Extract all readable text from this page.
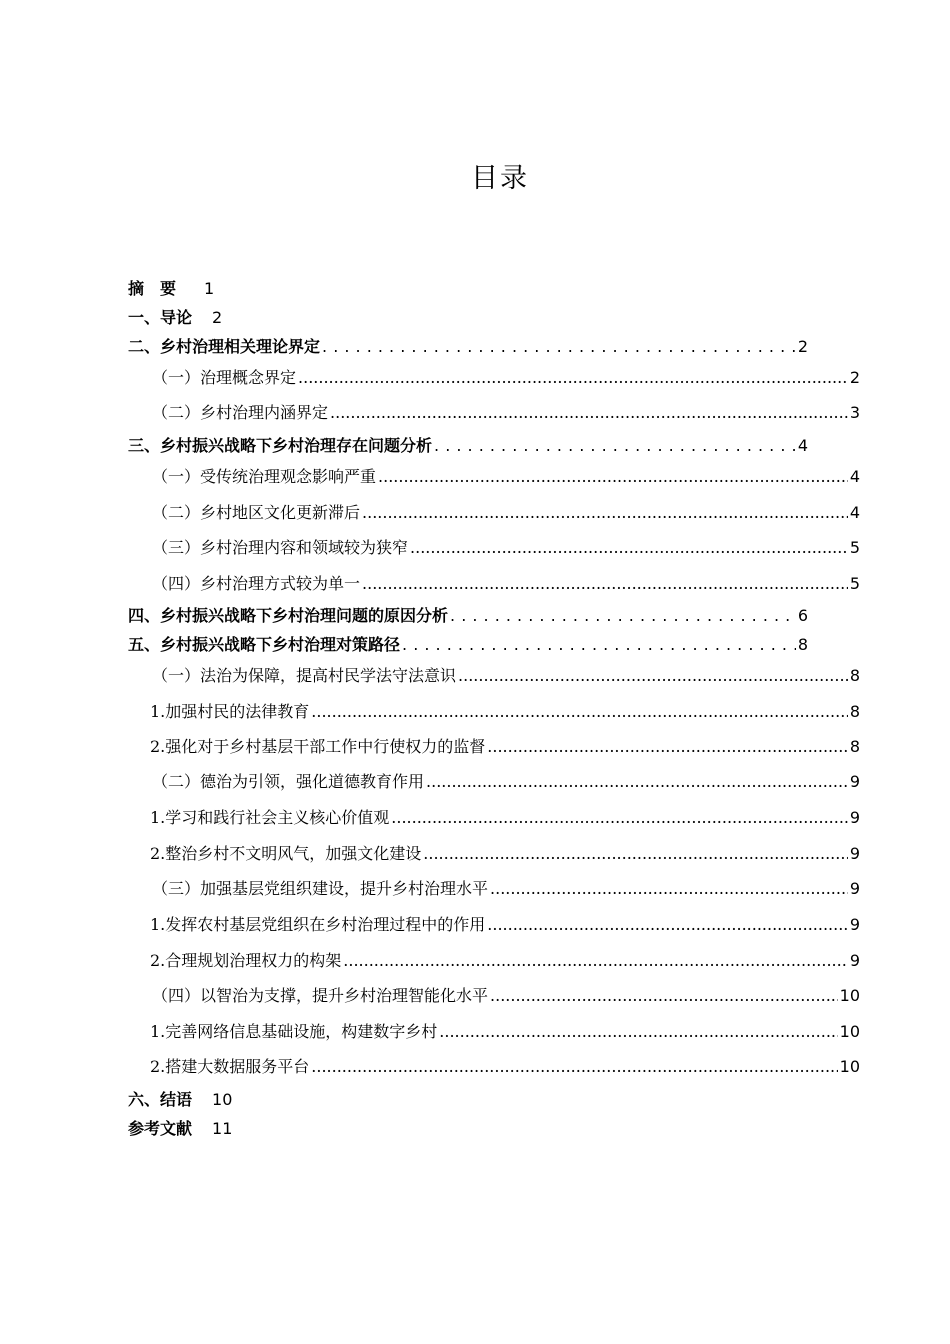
目录
摘　要 1
一、导论 2
二、乡村治理相关理论界定 . . .	2
（一）治理概念界定 .....	2
（二）乡村治理内涵界定 .....	3
三、乡村振兴战略下乡村治理存在问题分析 . . .	4
（一）受传统治理观念影响严重 .....	4
（二）乡村地区文化更新滞后 .....	4
（三）乡村治理内容和领域较为狭窄 .....	5
（四）乡村治理方式较为单一 .....	5
四、乡村振兴战略下乡村治理问题的原因分析 . . .	6
五、乡村振兴战略下乡村治理对策路径 . . .	8
（一）法治为保障，提高村民学法守法意识 .....	8
1.加强村民的法律教育 .....	8
2.强化对于乡村基层干部工作中行使权力的监督 .....	8
（二）德治为引领，强化道德教育作用 .....	9
1.学习和践行社会主义核心价值观 .....	9
2.整治乡村不文明风气，加强文化建设 .....	9
（三）加强基层党组织建设，提升乡村治理水平 .....	9
1.发挥农村基层党组织在乡村治理过程中的作用 .....	9
2.合理规划治理权力的构架 .....	9
（四）以智治为支撑，提升乡村治理智能化水平 .....	10
1.完善网络信息基础设施，构建数字乡村 .....	10
2.搭建大数据服务平台 .....	10
六、结语 10
参考文献 11
